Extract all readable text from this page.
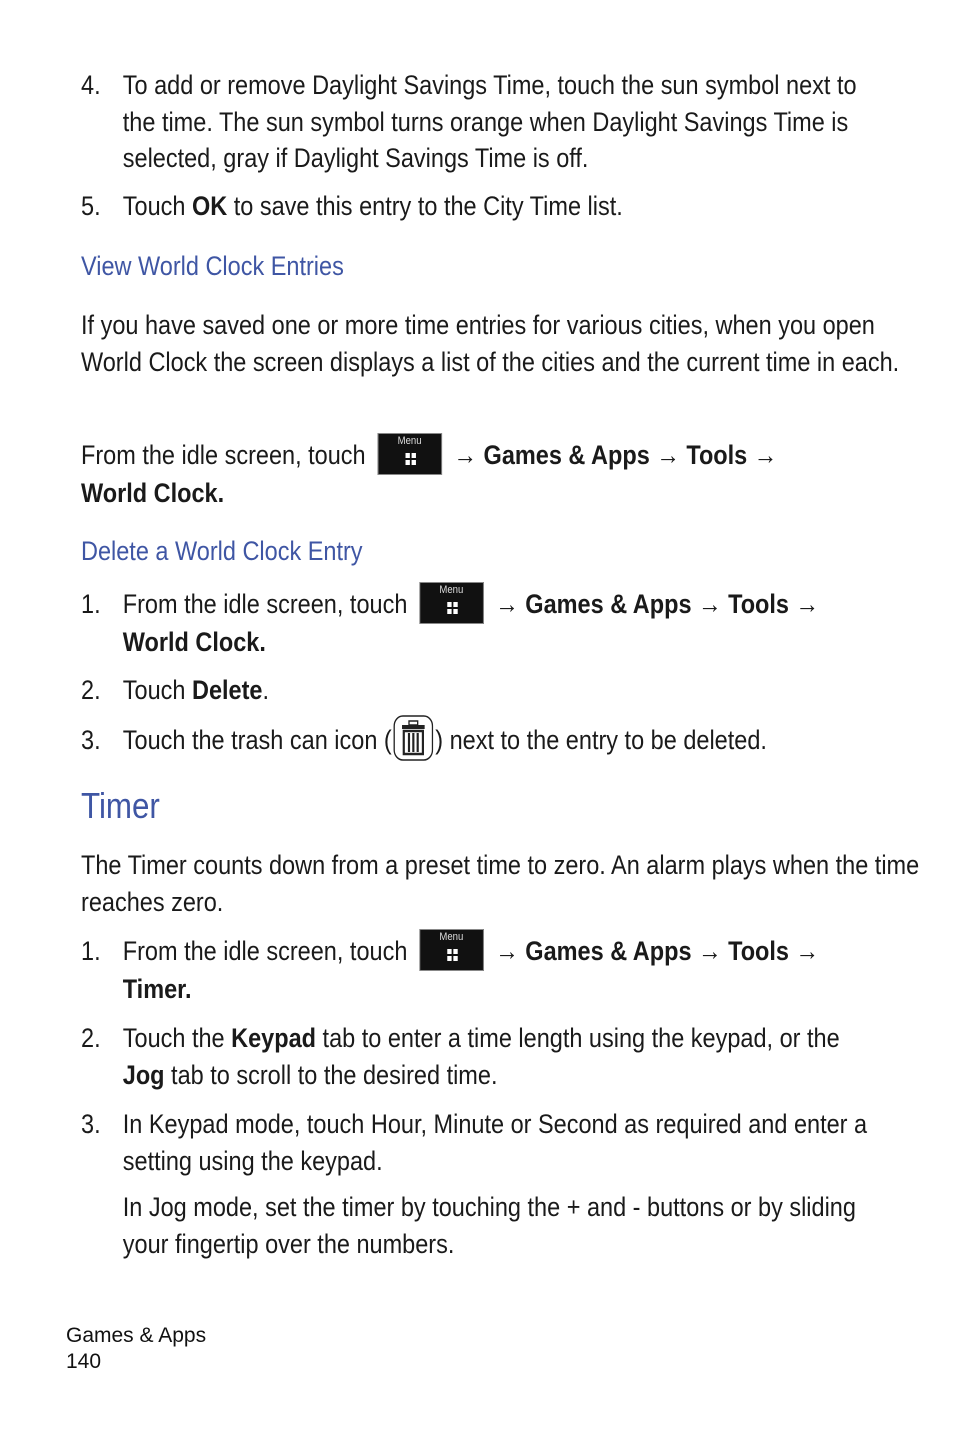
4. To add or remove Daylight Savings Time, touch the sun symbol next to the time. The sun symbol turns orange when Daylight Savings Time is selected, gray if Daylight Savings Time is off.
5. Touch OK to save this entry to the City Time list.
View World Clock Entries
If you have saved one or more time entries for various cities, when you open World Clock the screen displays a list of the cities and the current time in each.
From the idle screen, touch	Menu	→ Games & Apps → Tools →
World Clock.
Delete a World Clock Entry
1. From the idle screen, touch	Menu	→ Games & Apps → Tools →
World Clock.
2. Touch Delete.
3. Touch the trash can icon ( ) next to the entry to be deleted.
Timer
The Timer counts down from a preset time to zero. An alarm plays when the time reaches zero.
1. From the idle screen, touch	Menu	→ Games & Apps → Tools →
Timer.
2. Touch the Keypad tab to enter a time length using the keypad, or the Jog tab to scroll to the desired time.
3. In Keypad mode, touch Hour, Minute or Second as required and enter a setting using the keypad.
In Jog mode, set the timer by touching the + and - buttons or by sliding your fingertip over the numbers.
Games & Apps
140
